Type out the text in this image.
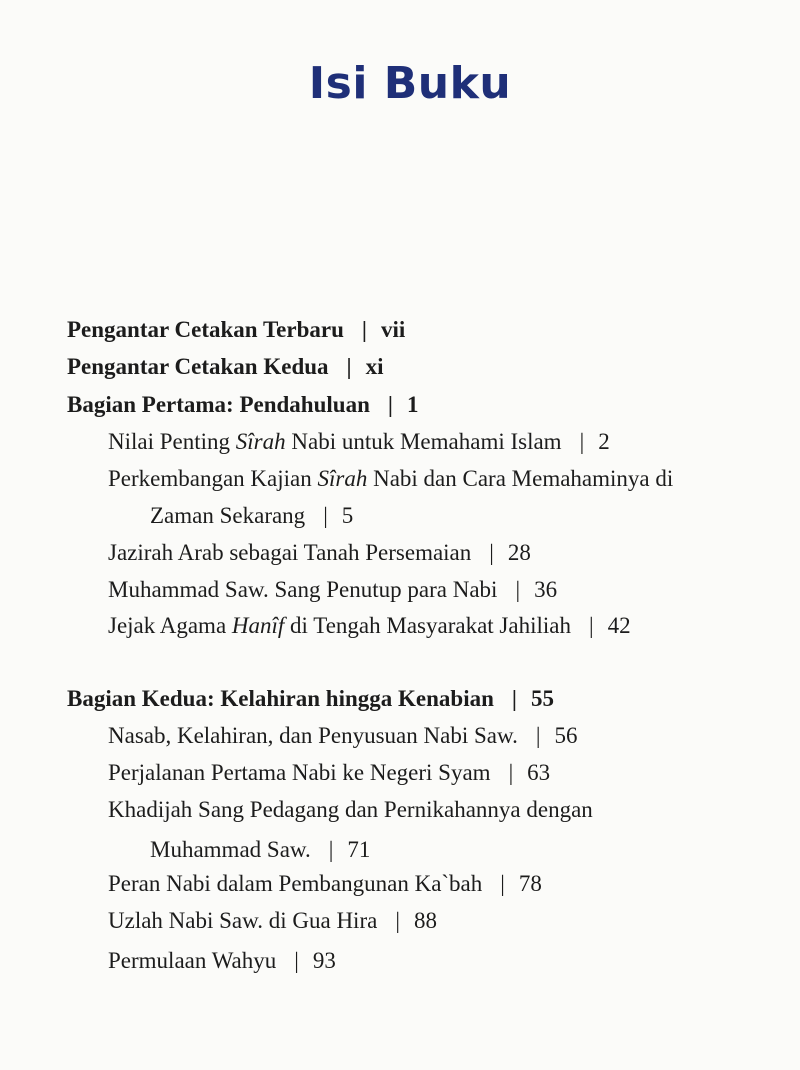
Isi Buku
Pengantar Cetakan Terbaru | vii
Pengantar Cetakan Kedua | xi
Bagian Pertama: Pendahuluan | 1
Nilai Penting Sîrah Nabi untuk Memahami Islam | 2
Perkembangan Kajian Sîrah Nabi dan Cara Memahaminya di
Zaman Sekarang | 5
Jazirah Arab sebagai Tanah Persemaian | 28
Muhammad Saw. Sang Penutup para Nabi | 36
Jejak Agama Hanîf di Tengah Masyarakat Jahiliah | 42
Bagian Kedua: Kelahiran hingga Kenabian | 55
Nasab, Kelahiran, dan Penyusuan Nabi Saw. | 56
Perjalanan Pertama Nabi ke Negeri Syam | 63
Khadijah Sang Pedagang dan Pernikahannya dengan
Muhammad Saw. | 71
Peran Nabi dalam Pembangunan Ka`bah | 78
Uzlah Nabi Saw. di Gua Hira | 88
Permulaan Wahyu | 93
